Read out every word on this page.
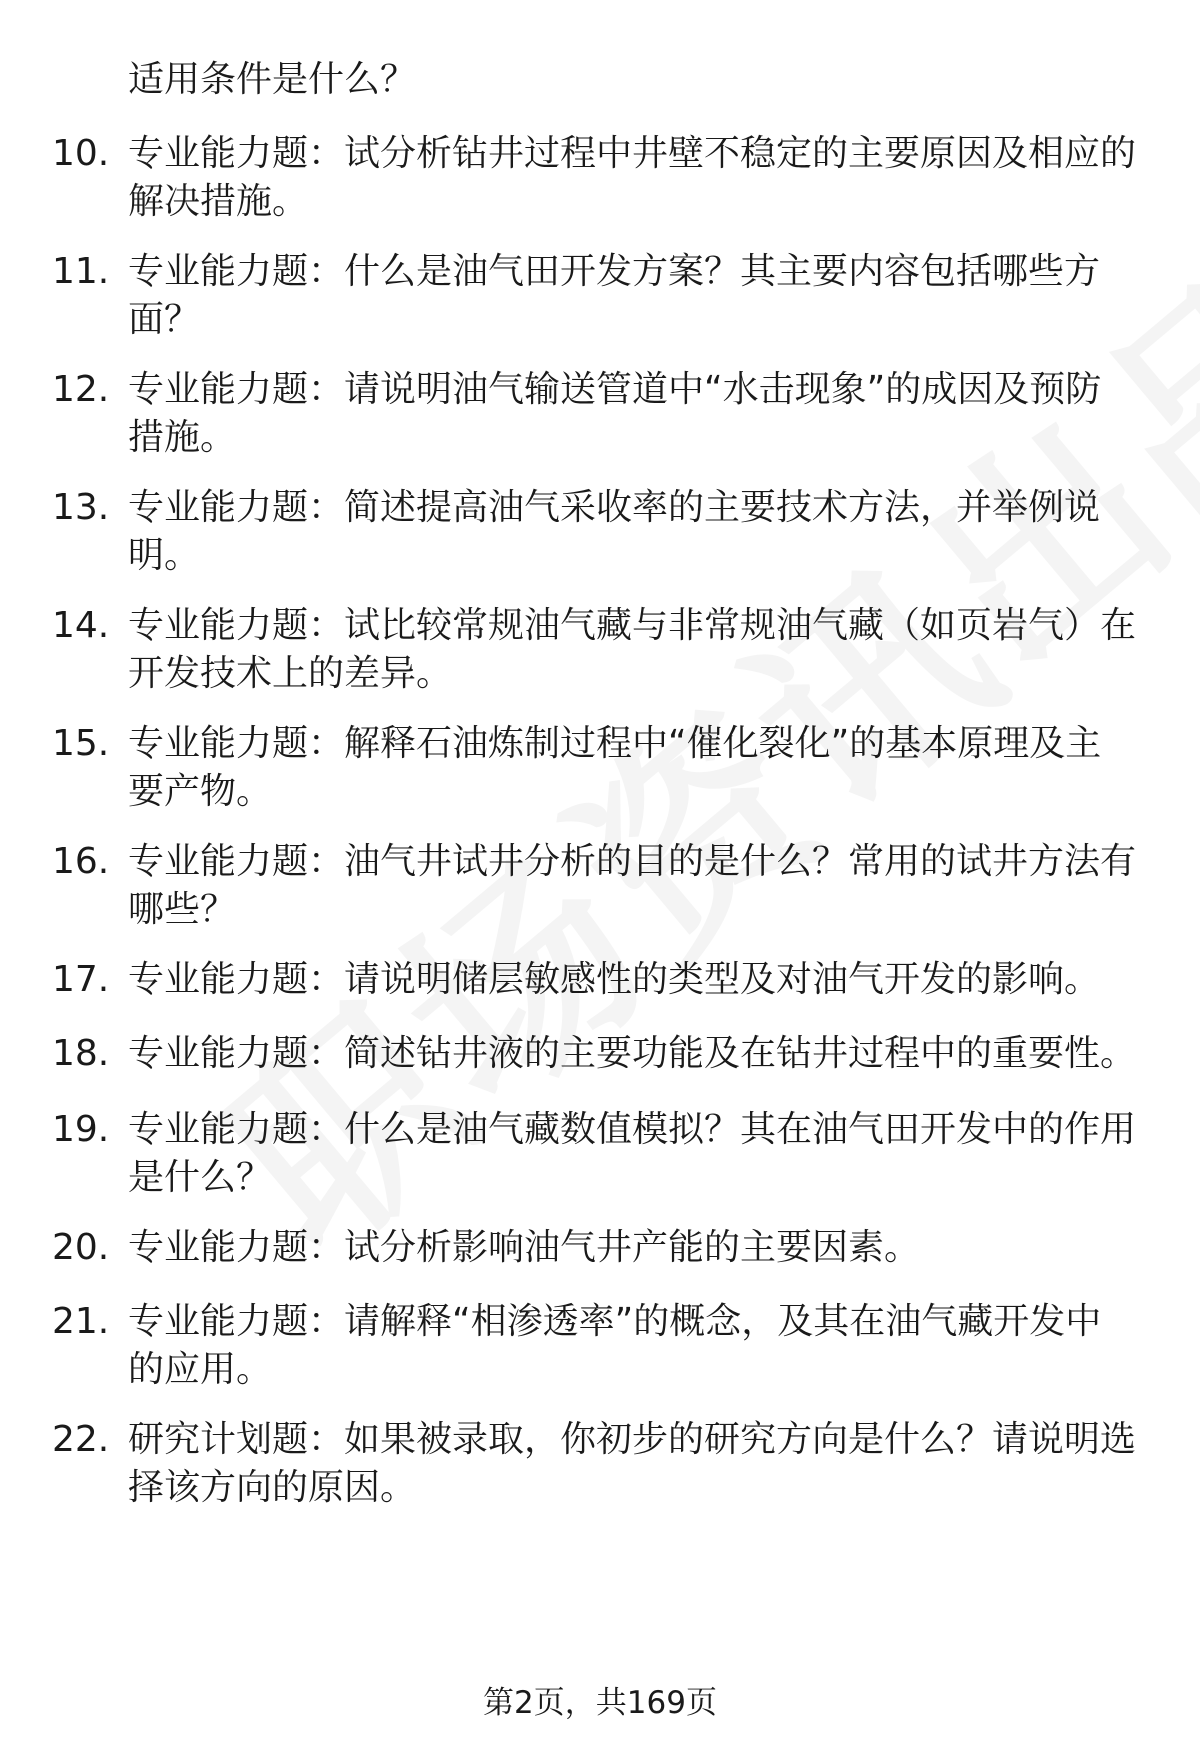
适用条件是什么？
10. 专业能力题：试分析钻井过程中井壁不稳定的主要原因及相应的
解决措施。
11. 专业能力题：什么是油气田开发方案？其主要内容包括哪些方
面？
12. 专业能力题：请说明油气输送管道中“水击现象”的成因及预防
措施。
13. 专业能力题：简述提高油气采收率的主要技术方法，并举例说
明。
14. 专业能力题：试比较常规油气藏与非常规油气藏（如页岩气）在
开发技术上的差异。
15. 专业能力题：解释石油炼制过程中“催化裂化”的基本原理及主
要产物。
16. 专业能力题：油气井试井分析的目的是什么？常用的试井方法有
哪些？
17. 专业能力题：请说明储层敏感性的类型及对油气开发的影响。
18. 专业能力题：简述钻井液的主要功能及在钻井过程中的重要性。
19. 专业能力题：什么是油气藏数值模拟？其在油气田开发中的作用
是什么？
20. 专业能力题：试分析影响油气井产能的主要因素。
21. 专业能力题：请解释“相渗透率”的概念，及其在油气藏开发中
的应用。
22. 研究计划题：如果被录取，你初步的研究方向是什么？请说明选
择该方向的原因。
第2页，共169页
